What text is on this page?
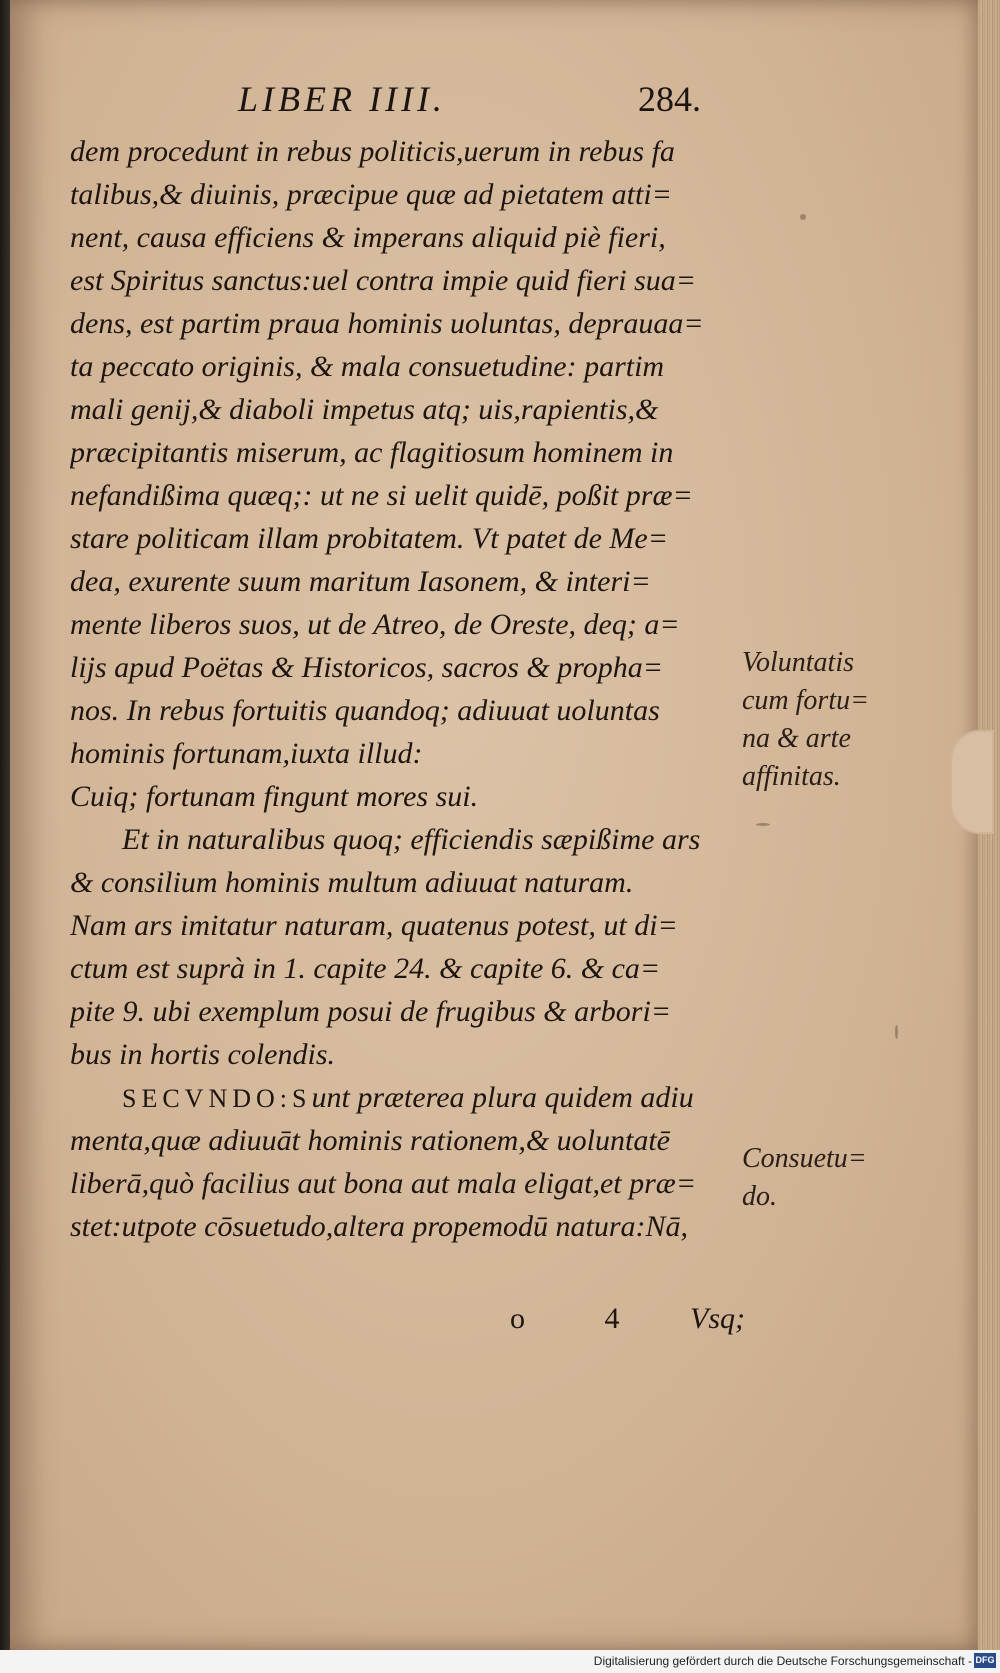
LIBER IIII.	284.
dem procedunt in rebus politicis,uerum in rebus fa
talibus,& diuinis, præcipue quæ ad pietatem atti=
nent, causa efficiens & imperans aliquid piè fieri,
est Spiritus sanctus:uel contra impie quid fieri sua=
dens, est partim praua hominis uoluntas, deprauaa=
ta peccato originis, & mala consuetudine: partim
mali genij,& diaboli impetus atq; uis,rapientis,&
præcipitantis miserum, ac flagitiosum hominem in
nefandißima quæq;: ut ne si uelit quidē, poßit præ=
stare politicam illam probitatem. Vt patet de Me=
dea, exurente suum maritum Iasonem, & interi=
mente liberos suos, ut de Atreo, de Oreste, deq; a=
lijs apud Poëtas & Historicos, sacros & propha=
nos. In rebus fortuitis quandoq; adiuuat uoluntas
hominis fortunam,iuxta illud:
Cuiq; fortunam fingunt mores sui.
Et in naturalibus quoq; efficiendis sæpißime ars
& consilium hominis multum adiuuat naturam.
Nam ars imitatur naturam, quatenus potest, ut di=
ctum est suprà in 1. capite 24. & capite 6. & ca=
pite 9. ubi exemplum posui de frugibus & arbori=
bus in hortis colendis.
SECVNDO:Sunt præterea plura quidem adiu
menta,quæ adiuuāt hominis rationem,& uoluntatē
liberā,quò facilius aut bona aut mala eligat,et præ=
stet:utpote cōsuetudo,altera propemodū natura:Nā,
Voluntatis
cum fortu=
na & arte
affinitas.
Consuetu=
do.
o 4 Vsq;
Digitalisierung gefördert durch die Deutsche Forschungsgemeinschaft - DFG
